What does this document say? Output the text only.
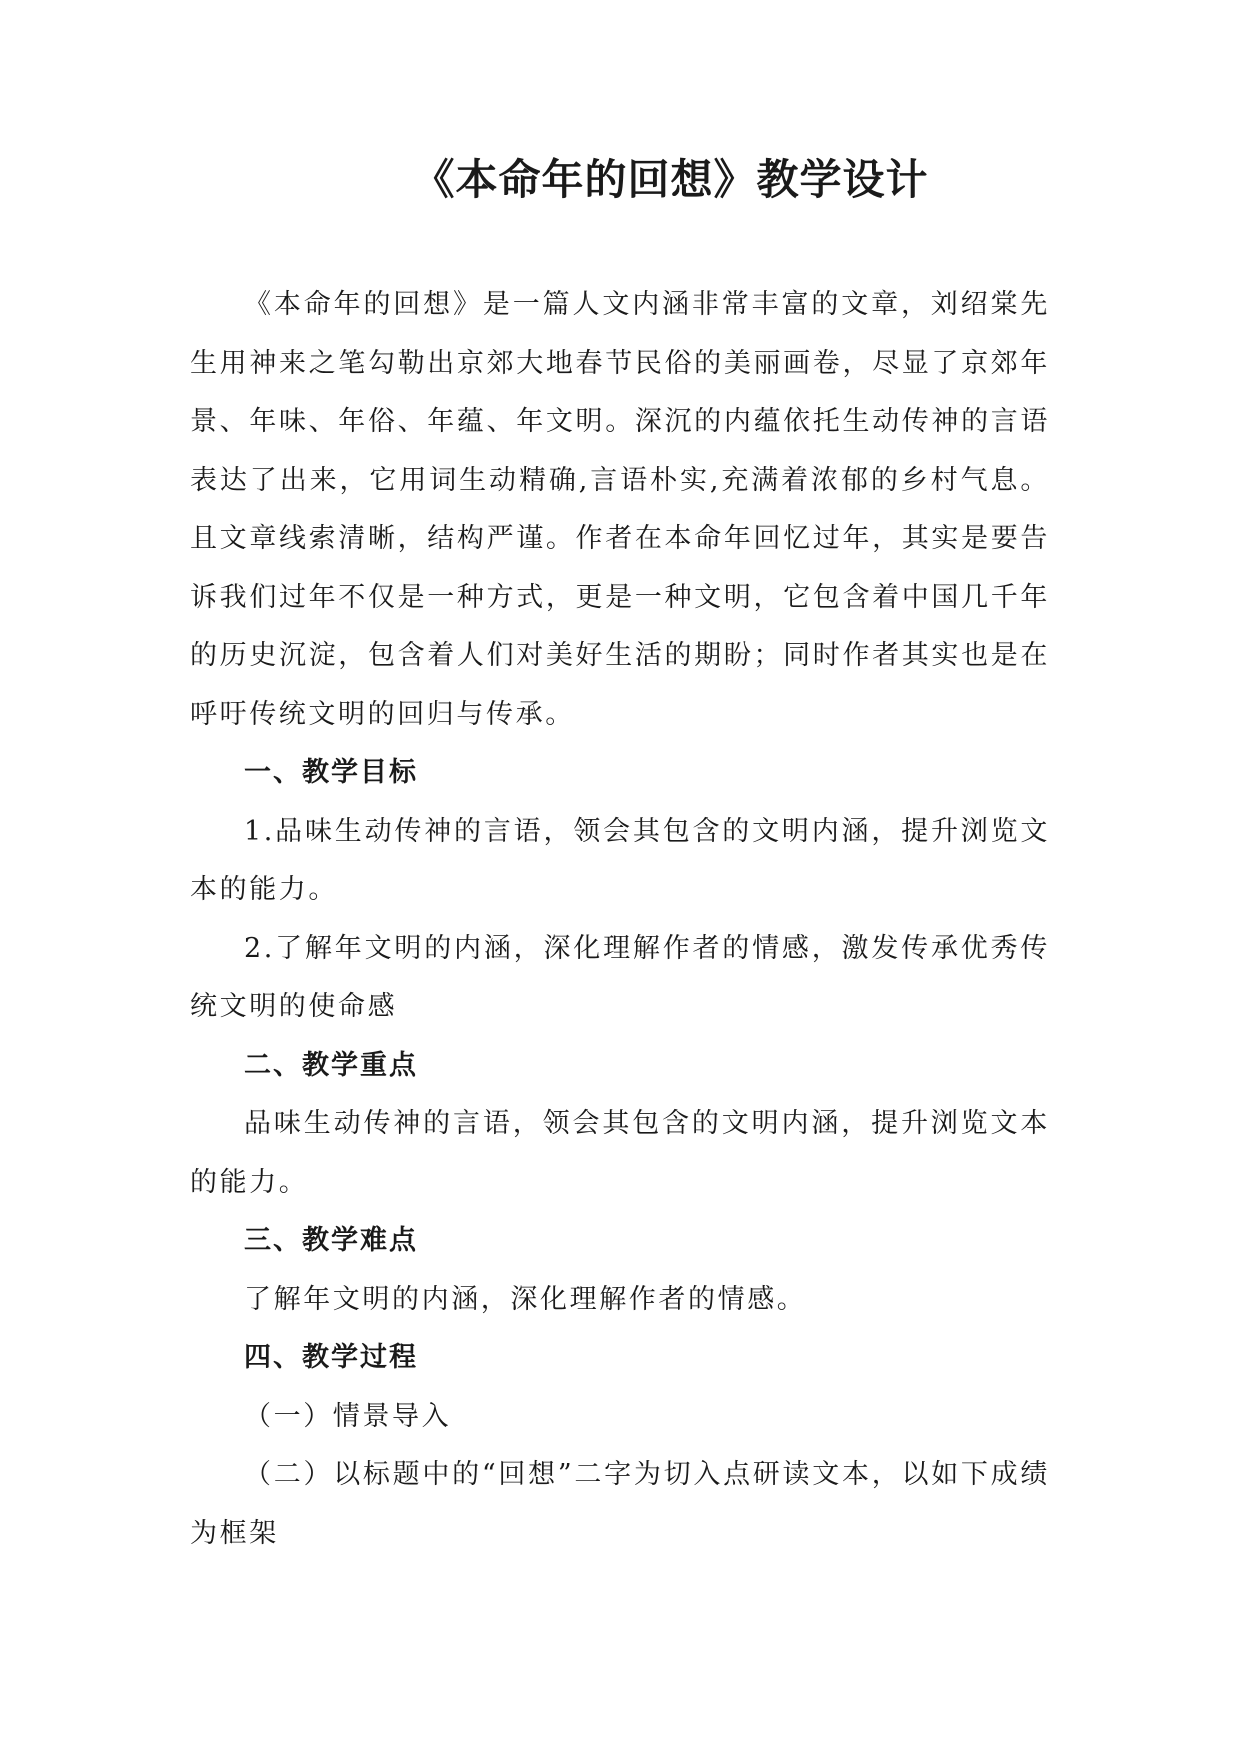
《本命年的回想》教学设计

《本命年的回想》是一篇人文内涵非常丰富的文章，刘绍棠先生用神来之笔勾勒出京郊大地春节民俗的美丽画卷，尽显了京郊年景、年味、年俗、年蕴、年文明。深沉的内蕴依托生动传神的言语表达了出来，它用词生动精确,言语朴实,充满着浓郁的乡村气息。且文章线索清晰，结构严谨。作者在本命年回忆过年，其实是要告诉我们过年不仅是一种方式，更是一种文明，它包含着中国几千年的历史沉淀，包含着人们对美好生活的期盼；同时作者其实也是在呼吁传统文明的回归与传承。

一、教学目标

1.品味生动传神的言语，领会其包含的文明内涵，提升浏览文本的能力。

2.了解年文明的内涵，深化理解作者的情感，激发传承优秀传统文明的使命感

二、教学重点

品味生动传神的言语，领会其包含的文明内涵，提升浏览文本的能力。

三、教学难点

了解年文明的内涵，深化理解作者的情感。

四、教学过程

（一）情景导入

（二）以标题中的“回想”二字为切入点研读文本，以如下成绩为框架
